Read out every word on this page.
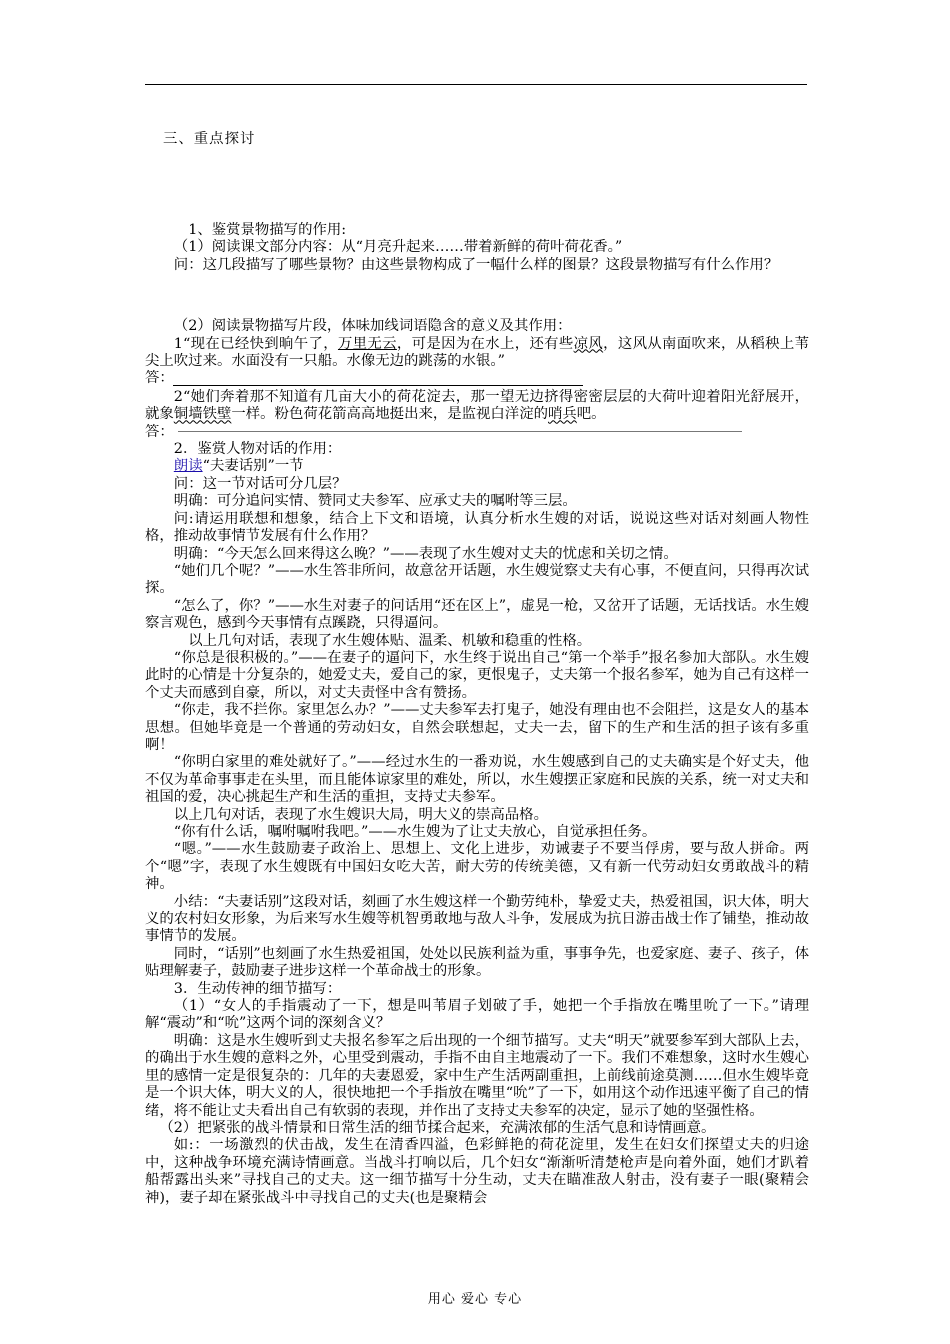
三、重点探讨

1、鉴赏景物描写的作用:

（1）阅读课文部分内容：从“月亮升起来……带着新鲜的荷叶荷花香。”

问：这几段描写了哪些景物？由这些景物构成了一幅什么样的图景？这段景物描写有什么作用？

（2）阅读景物描写片段，体味加线词语隐含的意义及其作用：

1“现在已经快到晌午了，万里无云，可是因为在水上，还有些凉风，这风从南面吹来，从稻秧上苇尖上吹过来。水面没有一只船。水像无边的跳荡的水银。”

答：

2“她们奔着那不知道有几亩大小的荷花淀去，那一望无边挤得密密层层的大荷叶迎着阳光舒展开，就象铜墙铁壁一样。粉色荷花箭高高地挺出来，是监视白洋淀的哨兵吧。

答：

2．鉴赏人物对话的作用：

朗读“夫妻话别”一节

问：这一节对话可分几层？

明确：可分追问实情、赞同丈夫参军、应承丈夫的嘱咐等三层。

问:请运用联想和想象，结合上下文和语境，认真分析水生嫂的对话，说说这些对话对刻画人物性格，推动故事情节发展有什么作用？

明确：“今天怎么回来得这么晚？”——表现了水生嫂对丈夫的忧虑和关切之情。

“她们几个呢？”——水生答非所问，故意岔开话题，水生嫂觉察丈夫有心事，不便直问，只得再次试探。

“怎么了，你？”——水生对妻子的问话用“还在区上”，虚晃一枪，又岔开了话题，无话找话。水生嫂察言观色，感到今天事情有点蹊跷，只得逼问。

以上几句对话，表现了水生嫂体贴、温柔、机敏和稳重的性格。

“你总是很积极的。”——在妻子的逼问下，水生终于说出自己“第一个举手”报名参加大部队。水生嫂此时的心情是十分复杂的，她爱丈夫，爱自己的家，更恨鬼子，丈夫第一个报名参军，她为自己有这样一个丈夫而感到自豪，所以，对丈夫责怪中含有赞扬。

“你走，我不拦你。家里怎么办？”——丈夫参军去打鬼子，她没有理由也不会阻拦，这是女人的基本思想。但她毕竟是一个普通的劳动妇女，自然会联想起，丈夫一去，留下的生产和生活的担子该有多重啊！

“你明白家里的难处就好了。”——经过水生的一番劝说，水生嫂感到自己的丈夫确实是个好丈夫，他不仅为革命事事走在头里，而且能体谅家里的难处，所以，水生嫂摆正家庭和民族的关系，统一对丈夫和祖国的爱，决心挑起生产和生活的重担，支持丈夫参军。

以上几句对话，表现了水生嫂识大局，明大义的崇高品格。

“你有什么话，嘱咐嘱咐我吧。”——水生嫂为了让丈夫放心，自觉承担任务。

“嗯。”——水生鼓励妻子政治上、思想上、文化上进步，劝诫妻子不要当俘虏，要与敌人拼命。两个“嗯”字，表现了水生嫂既有中国妇女吃大苦，耐大劳的传统美德，又有新一代劳动妇女勇敢战斗的精神。

小结：“夫妻话别”这段对话，刻画了水生嫂这样一个勤劳纯朴，挚爱丈夫，热爱祖国，识大体，明大义的农村妇女形象，为后来写水生嫂等机智勇敢地与敌人斗争，发展成为抗日游击战士作了铺垫，推动故事情节的发展。

同时，“话别”也刻画了水生热爱祖国，处处以民族利益为重，事事争先，也爱家庭、妻子、孩子，体贴理解妻子，鼓励妻子进步这样一个革命战士的形象。

3．生动传神的细节描写：

（1）“女人的手指震动了一下，想是叫苇眉子划破了手，她把一个手指放在嘴里吮了一下。”请理解“震动”和“吮”这两个词的深刻含义？

明确：这是水生嫂听到丈夫报名参军之后出现的一个细节描写。丈夫“明天”就要参军到大部队上去，的确出于水生嫂的意料之外，心里受到震动，手指不由自主地震动了一下。我们不难想象，这时水生嫂心里的感情一定是很复杂的：几年的夫妻恩爱，家中生产生活两副重担，上前线前途莫测……但水生嫂毕竟是一个识大体，明大义的人，很快地把一个手指放在嘴里“吮”了一下，如用这个动作迅速平衡了自己的情绪，将不能让丈夫看出自己有软弱的表现，并作出了支持丈夫参军的决定，显示了她的坚强性格。

（2）把紧张的战斗情景和日常生活的细节揉合起来，充满浓郁的生活气息和诗情画意。

如:：一场激烈的伏击战，发生在清香四溢，色彩鲜艳的荷花淀里，发生在妇女们探望丈夫的归途中，这种战争环境充满诗情画意。当战斗打响以后，几个妇女“渐渐听清楚枪声是向着外面，她们才趴着船帮露出头来”寻找自己的丈夫。这一细节描写十分生动，丈夫在瞄准敌人射击，没有妻子一眼(聚精会神)，妻子却在紧张战斗中寻找自己的丈夫(也是聚精会

用心 爱心 专心
